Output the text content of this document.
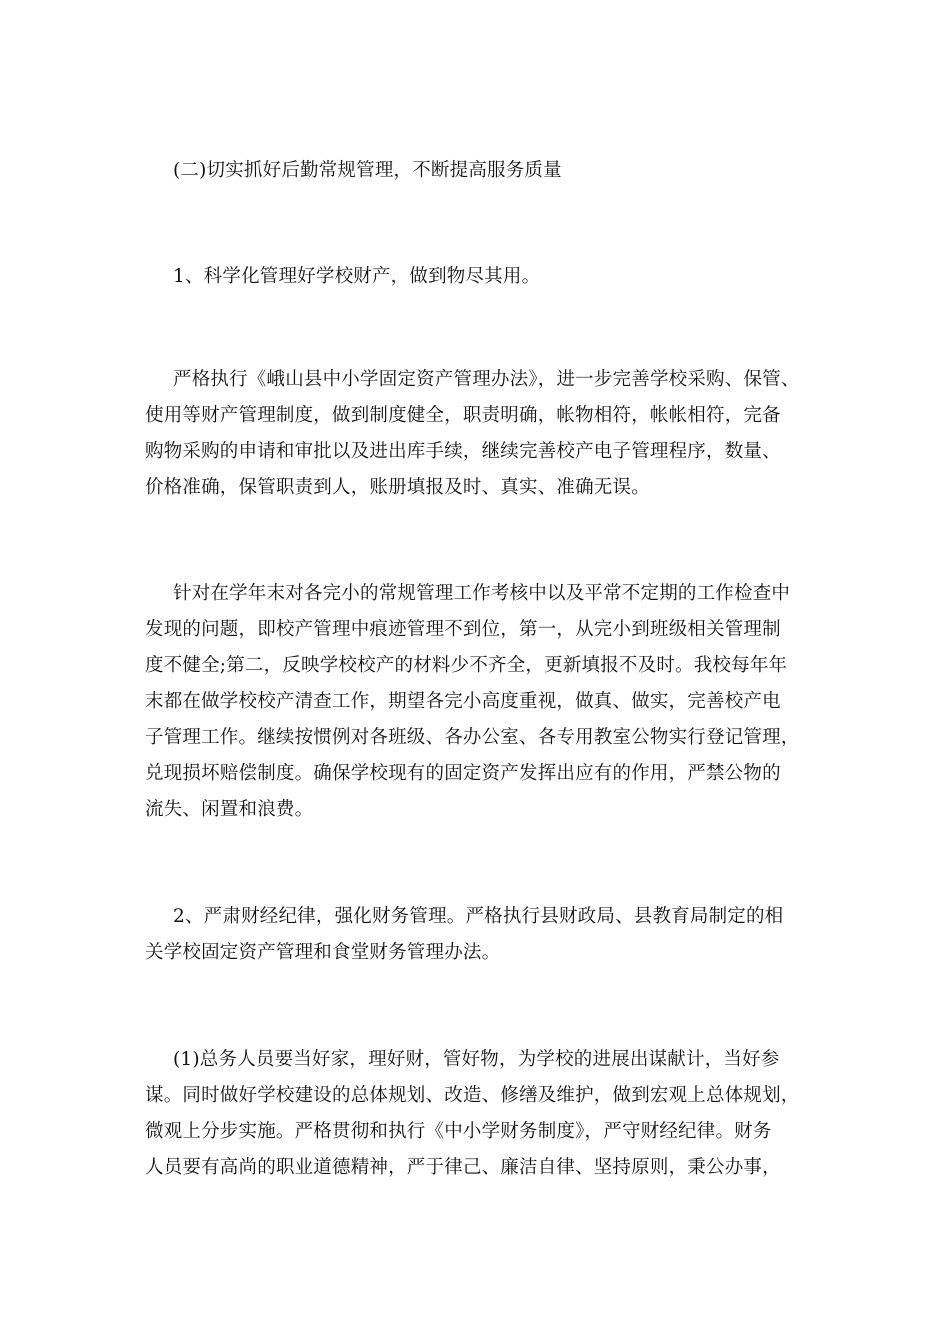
(二)切实抓好后勤常规管理，不断提高服务质量

1、科学化管理好学校财产，做到物尽其用。

严格执行《峨山县中小学固定资产管理办法》，进一步完善学校采购、保管、
使用等财产管理制度，做到制度健全，职责明确，帐物相符，帐帐相符，完备
购物采购的申请和审批以及进出库手续，继续完善校产电子管理程序，数量、
价格准确，保管职责到人，账册填报及时、真实、准确无误。

针对在学年末对各完小的常规管理工作考核中以及平常不定期的工作检查中
发现的问题，即校产管理中痕迹管理不到位，第一，从完小到班级相关管理制
度不健全;第二，反映学校校产的材料少不齐全，更新填报不及时。我校每年年
末都在做学校校产清查工作，期望各完小高度重视，做真、做实，完善校产电
子管理工作。继续按惯例对各班级、各办公室、各专用教室公物实行登记管理，
兑现损坏赔偿制度。确保学校现有的固定资产发挥出应有的作用，严禁公物的
流失、闲置和浪费。

2、严肃财经纪律，强化财务管理。严格执行县财政局、县教育局制定的相
关学校固定资产管理和食堂财务管理办法。

(1)总务人员要当好家，理好财，管好物，为学校的进展出谋献计，当好参
谋。同时做好学校建设的总体规划、改造、修缮及维护，做到宏观上总体规划，
微观上分步实施。严格贯彻和执行《中小学财务制度》，严守财经纪律。财务
人员要有高尚的职业道德精神，严于律己、廉洁自律、坚持原则，秉公办事，
